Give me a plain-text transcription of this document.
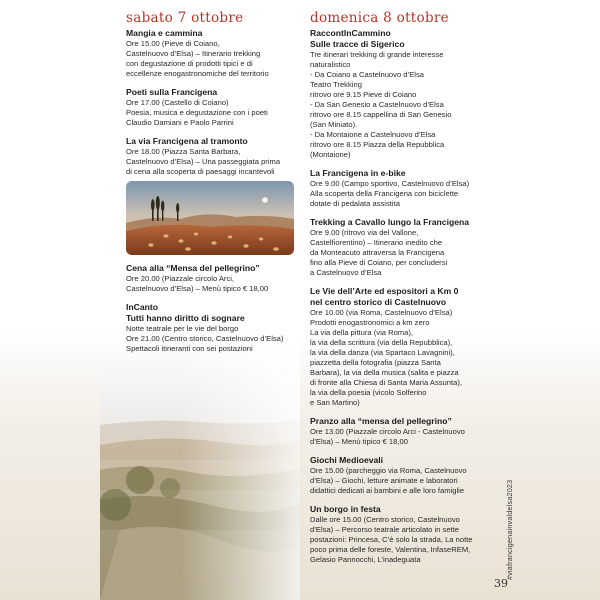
sabato 7 ottobre
Mangia e cammina
Ore 15.00 (Pieve di Coiano,
Castelnuovo d’Elsa) – Itinerario trekking
con degustazione di prodotti tipici e di
eccellenze enogastronomiche del territorio
Poeti sulla Francigena
Ore 17.00 (Castello di Coiano)
Poesia, musica e degustazione con i poeti
Claudio Damiani e Paolo Parrini
La via Francigena al tramonto
Ore 18.00 (Piazza Santa Barbara,
Castelnuovo d’Elsa) – Una passeggiata prima
di cena alla scoperta di paesaggi incantevoli
Cena alla “Mensa del pellegrino”
Ore 20.00 (Piazzale circolo Arci,
Castelnuovo d’Elsa) – Menù tipico € 18,00
InCanto
Tutti hanno diritto di sognare
Notte teatrale per le vie del borgo
Ore 21.00 (Centro storico, Castelnuovo d’Elsa)
Spettacoli itineranti con sei postazioni
domenica 8 ottobre
RaccontInCammino
Sulle tracce di Sigerico
Tre itinerari trekking di grande interesse
naturalistico
- Da Coiano a Castelnuovo d’Elsa
Teatro Trekking
ritrovo ore 9.15 Pieve di Coiano
- Da San Genesio a Castelnuovo d’Elsa
ritrovo ore 8.15 cappellina di San Genesio
(San Miniato).
- Da Montaione a Castelnuovo d’Elsa
ritrovo ore 8.15 Piazza della Repubblica
(Montaione)
La Francigena in e-bike
Ore 9.00 (Campo sportivo, Castelnuovo d’Elsa)
Alla scoperta della Francigena con biciclette
dotate di pedalata assistita
Trekking a Cavallo lungo la Francigena
Ore 9.00 (ritrovo via del Vallone,
Castelfiorentino) – Itinerario inedito che
da Monteacuto attraversa la Francigena
fino alla Pieve di Coiano, per concludersi
a Castelnuovo d’Elsa
Le Vie dell’Arte ed espositori a Km 0
nel centro storico di Castelnuovo
Ore 10.00 (via Roma, Castelnuovo d’Elsa)
Prodotti enogastronomici a km zero
La via della pittura (via Roma),
la via della scrittura (via della Repubblica),
la via della danza (via Spartaco Lavagnini),
piazzetta della fotografia (piazza Santa
Barbara), la via della musica (salita e piazza
di fronte alla Chiesa di Santa Maria Assunta),
la via della poesia (vicolo Solferino
e San Martino)
Pranzo alla “mensa del pellegrino”
Ore 13.00 (Piazzale circolo Arci - Castelnuovo
d’Elsa) – Menù tipico € 18,00
Giochi Medioevali
Ore 15.00 (parcheggio via Roma, Castelnuovo
d’Elsa) – Giochi, letture animate e laboratori
didattici dedicati ai bambini e alle loro famiglie
Un borgo in festa
Dalle ore 15.00 (Centro storico, Castelnuovo
d’Elsa) – Percorso teatrale articolato in sette
postazioni: Princesa, C’è solo la strada, La notte
poco prima delle foreste, Valentina, InfaseREM,
Gelasio Pannocchi, L’inadeguata	#viafrancigenainvaldelsa2023
39
